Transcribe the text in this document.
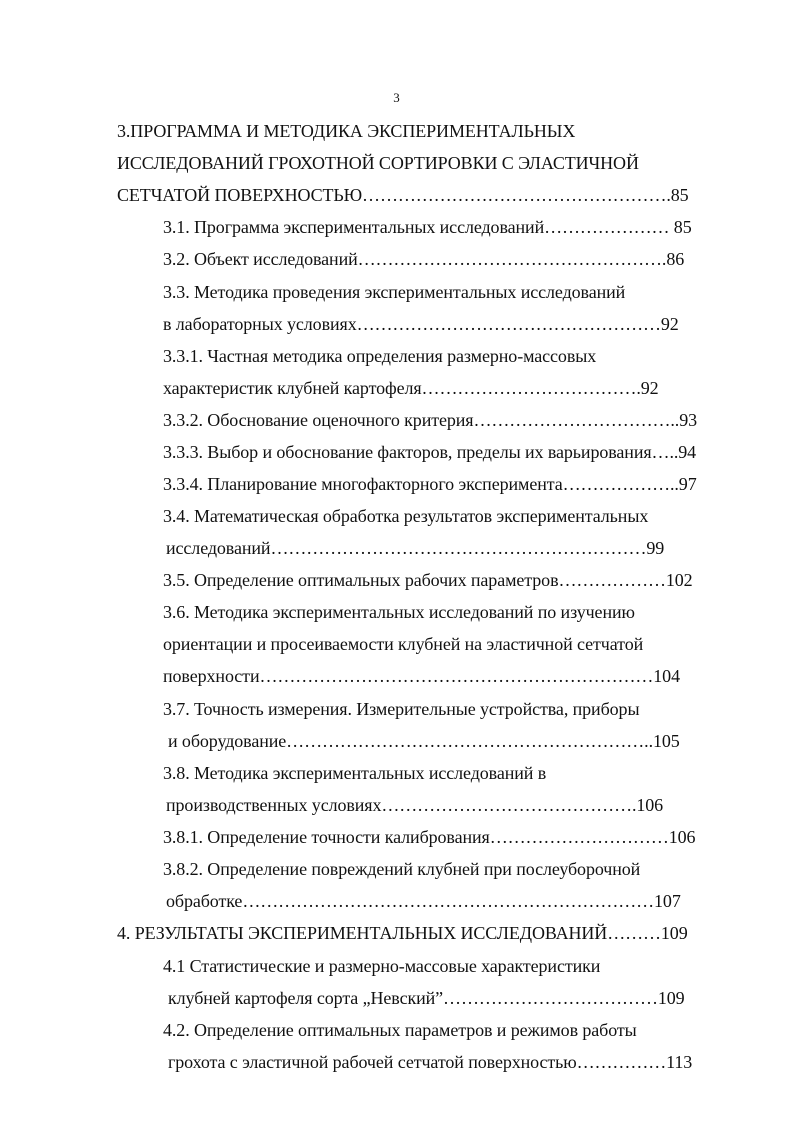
3
3.ПРОГРАММА И МЕТОДИКА ЭКСПЕРИМЕНТАЛЬНЫХ
ИССЛЕДОВАНИЙ ГРОХОТНОЙ СОРТИРОВКИ С ЭЛАСТИЧНОЙ
СЕТЧАТОЙ ПОВЕРХНОСТЬЮ…………………………………………….85
3.1. Программа экспериментальных исследований………………… 85
3.2. Объект исследований…………………………………………….86
3.3. Методика проведения экспериментальных исследований
в лабораторных условиях……………………………………………92
3.3.1. Частная методика определения размерно-массовых
характеристик клубней картофеля……………………………….92
3.3.2. Обоснование оценочного критерия……………………………..93
3.3.3. Выбор и обоснование факторов, пределы их варьирования…..94
3.3.4. Планирование многофакторного эксперимента………………..97
3.4. Математическая обработка результатов экспериментальных
исследований………………………………………………………99
3.5. Определение оптимальных рабочих параметров………………102
3.6. Методика экспериментальных исследований по изучению
ориентации и просеиваемости клубней на эластичной сетчатой
поверхности…………………………………………………………104
3.7. Точность измерения. Измерительные устройства, приборы
и оборудование……………………………………………………..105
3.8. Методика экспериментальных исследований в
производственных условиях…………………………………….106
3.8.1. Определение точности калибрования…………………………106
3.8.2. Определение повреждений клубней при послеуборочной
обработке……………………………………………………………107
4. РЕЗУЛЬТАТЫ ЭКСПЕРИМЕНТАЛЬНЫХ ИССЛЕДОВАНИЙ………109
4.1 Статистические и размерно-массовые характеристики
клубней картофеля сорта „Невский”………………………………109
4.2. Определение оптимальных параметров и режимов работы
грохота с эластичной рабочей сетчатой поверхностью……………113
